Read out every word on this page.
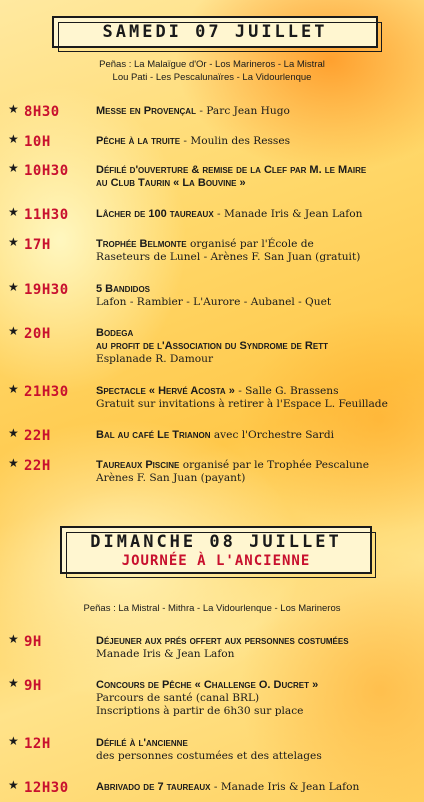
SAMEDI 07 JUILLET
Peñas : La Malaïgue d'Or - Los Marineros - La Mistral
Lou Pati - Les Pescalunaïres - La Vidourlenque
★ 8H30	Messe en Provençal - Parc Jean Hugo
★ 10H	Pêche à la truite - Moulin des Resses
★ 10H30 Défilé d'ouverture & remise de la Clef par M. le Maire
au Club Taurin « La Bouvine »
★ 11H30 Lâcher de 100 taureaux - Manade Iris & Jean Lafon
★ 17H	Trophée Belmonte organisé par l'École de
Raseteurs de Lunel - Arènes F. San Juan (gratuit)
★ 19H30 5 Bandidos
Lafon - Rambier - L'Aurore - Aubanel - Quet
★ 20H	Bodega
au profit de l'Association du Syndrome de Rett
Esplanade R. Damour
★ 21H30 Spectacle « Hervé Acosta » - Salle G. Brassens
Gratuit sur invitations à retirer à l'Espace L. Feuillade
★ 22H	Bal au café Le Trianon avec l'Orchestre Sardi
★ 22H	Taureaux Piscine organisé par le Trophée Pescalune
Arènes F. San Juan (payant)
DIMANCHE 08 JUILLET
JOURNÉE À L'ANCIENNE
Peñas : La Mistral - Mithra - La Vidourlenque - Los Marineros
★ 9H	Déjeuner aux prés offert aux personnes costumées
Manade Iris & Jean Lafon
★ 9H	Concours de Pêche « Challenge O. Ducret »
Parcours de santé (canal BRL)
Inscriptions à partir de 6h30 sur place
★ 12H	Défilé à l'ancienne
des personnes costumées et des attelages
★ 12H30 Abrivado de 7 taureaux - Manade Iris & Jean Lafon
